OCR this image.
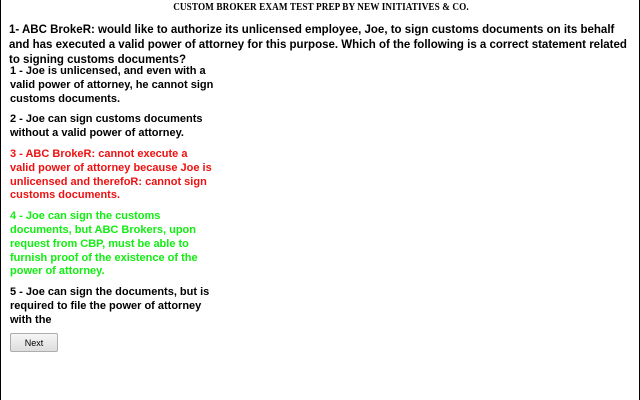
CUSTOM BROKER EXAM TEST PREP BY NEW INITIATIVES & CO.
1- ABC BrokeR: would like to authorize its unlicensed employee, Joe, to sign customs documents on its behalf and has executed a valid power of attorney for this purpose. Which of the following is a correct statement related to signing customs documents?
1 - Joe is unlicensed, and even with a valid power of attorney, he cannot sign customs documents.
2 - Joe can sign customs documents without a valid power of attorney.
3 - ABC BrokeR: cannot execute a valid power of attorney because Joe is unlicensed and therefoR: cannot sign customs documents.
4 - Joe can sign the customs documents, but ABC Brokers, upon request from CBP, must be able to furnish proof of the existence of the power of attorney.
5 - Joe can sign the documents, but is required to file the power of attorney with the
Next
